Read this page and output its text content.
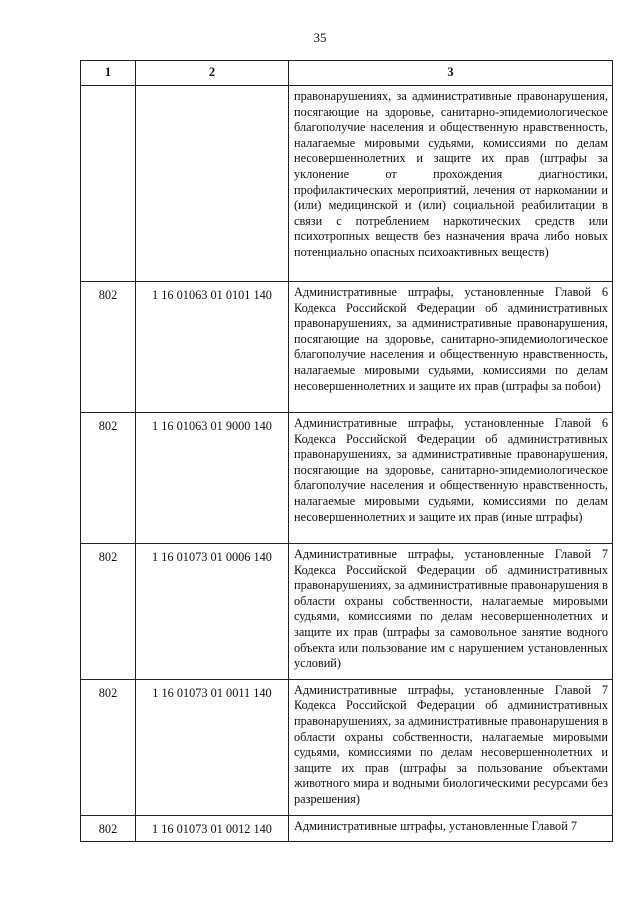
35
1	2	3
		правонарушениях, за административные правонарушения, посягающие на здоровье, санитарно-эпидемиологическое благополучие населения и общественную нравственность, налагаемые мировыми судьями, комиссиями по делам несовершеннолетних и защите их прав (штрафы за уклонение от прохождения диагностики, профилактических мероприятий, лечения от наркомании и (или) медицинской и (или) социальной реабилитации в связи с потреблением наркотических средств или психотропных веществ без назначения врача либо новых потенциально опасных психоактивных веществ)
802	1 16 01063 01 0101 140	Административные штрафы, установленные Главой 6 Кодекса Российской Федерации об административных правонарушениях, за административные правонарушения, посягающие на здоровье, санитарно-эпидемиологическое благополучие населения и общественную нравственность, налагаемые мировыми судьями, комиссиями по делам несовершеннолетних и защите их прав (штрафы за побои)
802	1 16 01063 01 9000 140	Административные штрафы, установленные Главой 6 Кодекса Российской Федерации об административных правонарушениях, за административные правонарушения, посягающие на здоровье, санитарно-эпидемиологическое благополучие населения и общественную нравственность, налагаемые мировыми судьями, комиссиями по делам несовершеннолетних и защите их прав (иные штрафы)
802	1 16 01073 01 0006 140	Административные штрафы, установленные Главой 7 Кодекса Российской Федерации об административных правонарушениях, за административные правонарушения в области охраны собственности, налагаемые мировыми судьями, комиссиями по делам несовершеннолетних и защите их прав (штрафы за самовольное занятие водного объекта или пользование им с нарушением установленных условий)
802	1 16 01073 01 0011 140	Административные штрафы, установленные Главой 7 Кодекса Российской Федерации об административных правонарушениях, за административные правонарушения в области охраны собственности, налагаемые мировыми судьями, комиссиями по делам несовершеннолетних и защите их прав (штрафы за пользование объектами животного мира и водными биологическими ресурсами без разрешения)
802	1 16 01073 01 0012 140	Административные штрафы, установленные Главой 7
